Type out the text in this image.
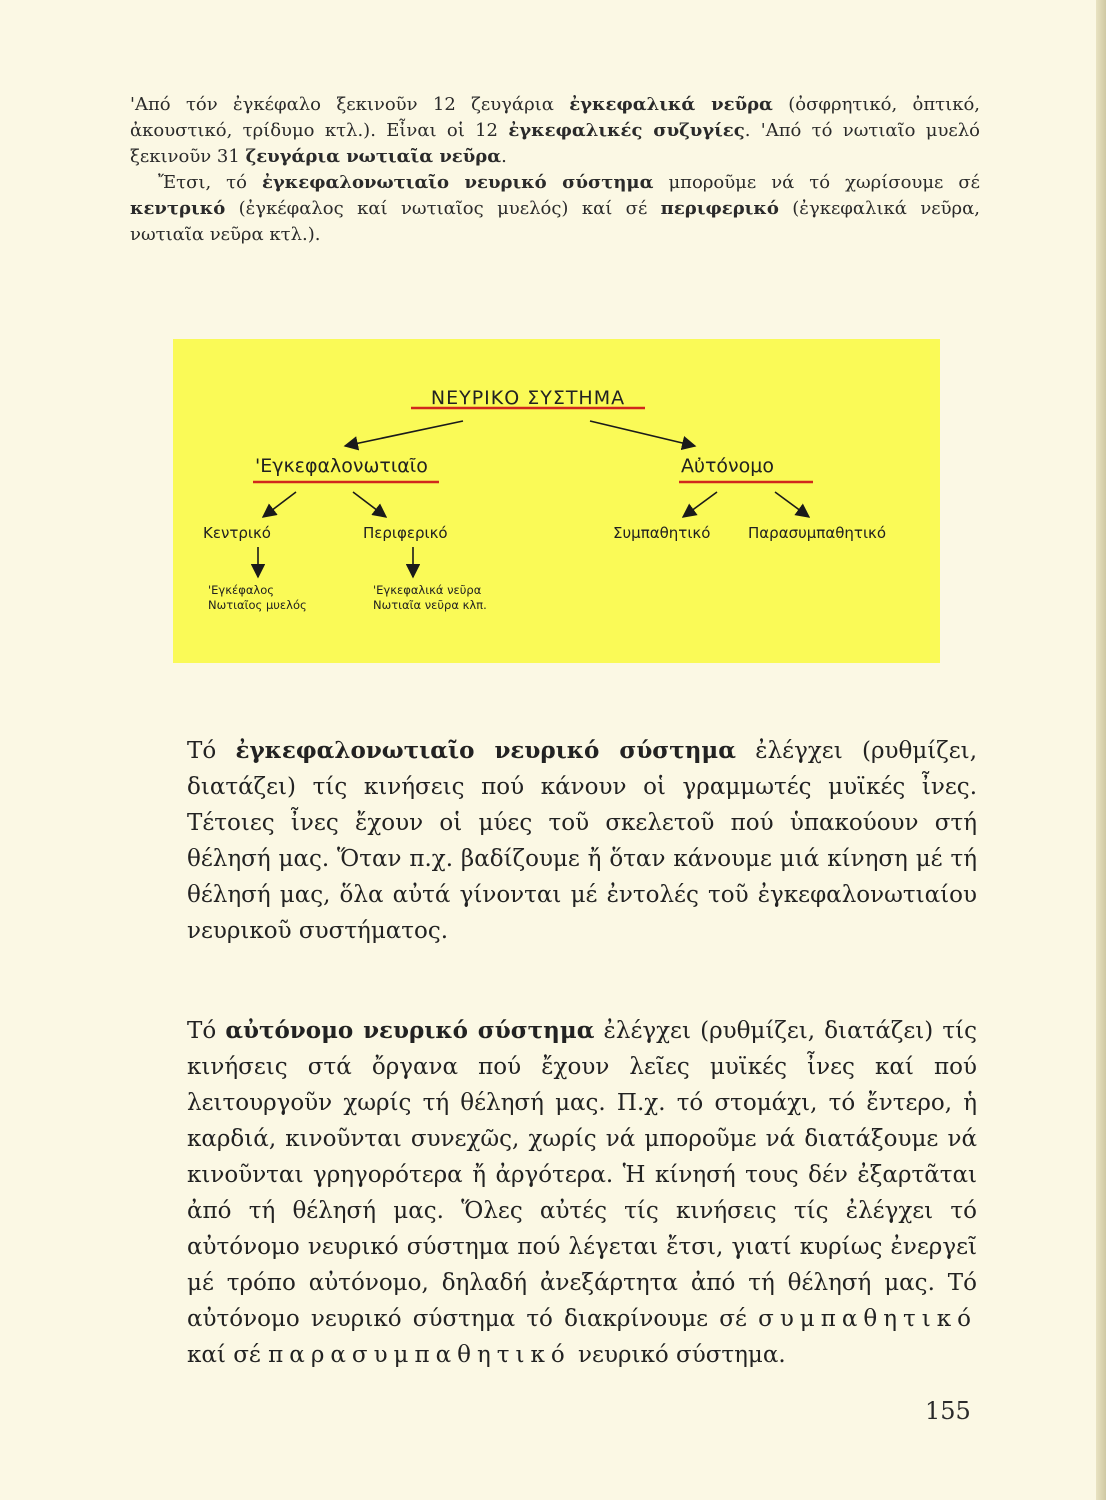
'Από τόν ἐγκέφαλο ξεκινοῦν 12 ζευγάρια ἐγκεφαλικά νεῦρα (ὀσφρητικό, ὀπτικό, ἀκουστικό, τρίδυμο κτλ.). Εἶναι οἱ 12 ἐγκεφαλικές συζυγίες. 'Από τό νωτιαῖο μυελό ξεκινοῦν 31 ζευγάρια νωτιαῖα νεῦρα.

Ἔτσι, τό ἐγκεφαλονωτιαῖο νευρικό σύστημα μποροῦμε νά τό χωρίσουμε σέ κεντρικό (ἐγκέφαλος καί νωτιαῖος μυελός) καί σέ περιφερικό (ἐγκεφαλικά νεῦρα, νωτιαῖα νεῦρα κτλ.).

ΝΕΥΡΙΚΟ ΣΥΣΤΗΜΑ
'Εγκεφαλονωτιαῖο	Αὐτόνομο
Κεντρικό	Περιφερικό	Συμπαθητικό	Παρασυμπαθητικό
'Εγκέφαλος
Νωτιαῖος μυελός
'Εγκεφαλικά νεῦρα
Νωτιαῖα νεῦρα κλπ.

Τό ἐγκεφαλονωτιαῖο νευρικό σύστημα ἐλέγχει (ρυθμίζει, διατάζει) τίς κινήσεις πού κάνουν οἱ γραμμωτές μυϊκές ἶνες. Τέτοιες ἶνες ἔχουν οἱ μύες τοῦ σκελετοῦ πού ὑπακούουν στή θέλησή μας. Ὅταν π.χ. βαδίζουμε ἤ ὅταν κάνουμε μιά κίνηση μέ τή θέλησή μας, ὅλα αὐτά γίνονται μέ ἐντολές τοῦ ἐγκεφαλονωτιαίου νευρικοῦ συστήματος.

Τό αὐτόνομο νευρικό σύστημα ἐλέγχει (ρυθμίζει, διατάζει) τίς κινήσεις στά ὄργανα πού ἔχουν λεῖες μυϊκές ἶνες καί πού λειτουργοῦν χωρίς τή θέλησή μας. Π.χ. τό στομάχι, τό ἔντερο, ἡ καρδιά, κινοῦνται συνεχῶς, χωρίς νά μποροῦμε νά διατάξουμε νά κινοῦνται γρηγορότερα ἤ ἀργότερα. Ἡ κίνησή τους δέν ἐξαρτᾶται ἀπό τή θέλησή μας. Ὅλες αὐτές τίς κινήσεις τίς ἐλέγχει τό αὐτόνομο νευρικό σύστημα πού λέγεται ἔτσι, γιατί κυρίως ἐνεργεῖ μέ τρόπο αὐτόνομο, δηλαδή ἀνεξάρτητα ἀπό τή θέλησή μας. Τό αὐτόνομο νευρικό σύστημα τό διακρίνουμε σέ συμπαθητικό καί σέ παρασυμπαθητικό νευρικό σύστημα.

155
